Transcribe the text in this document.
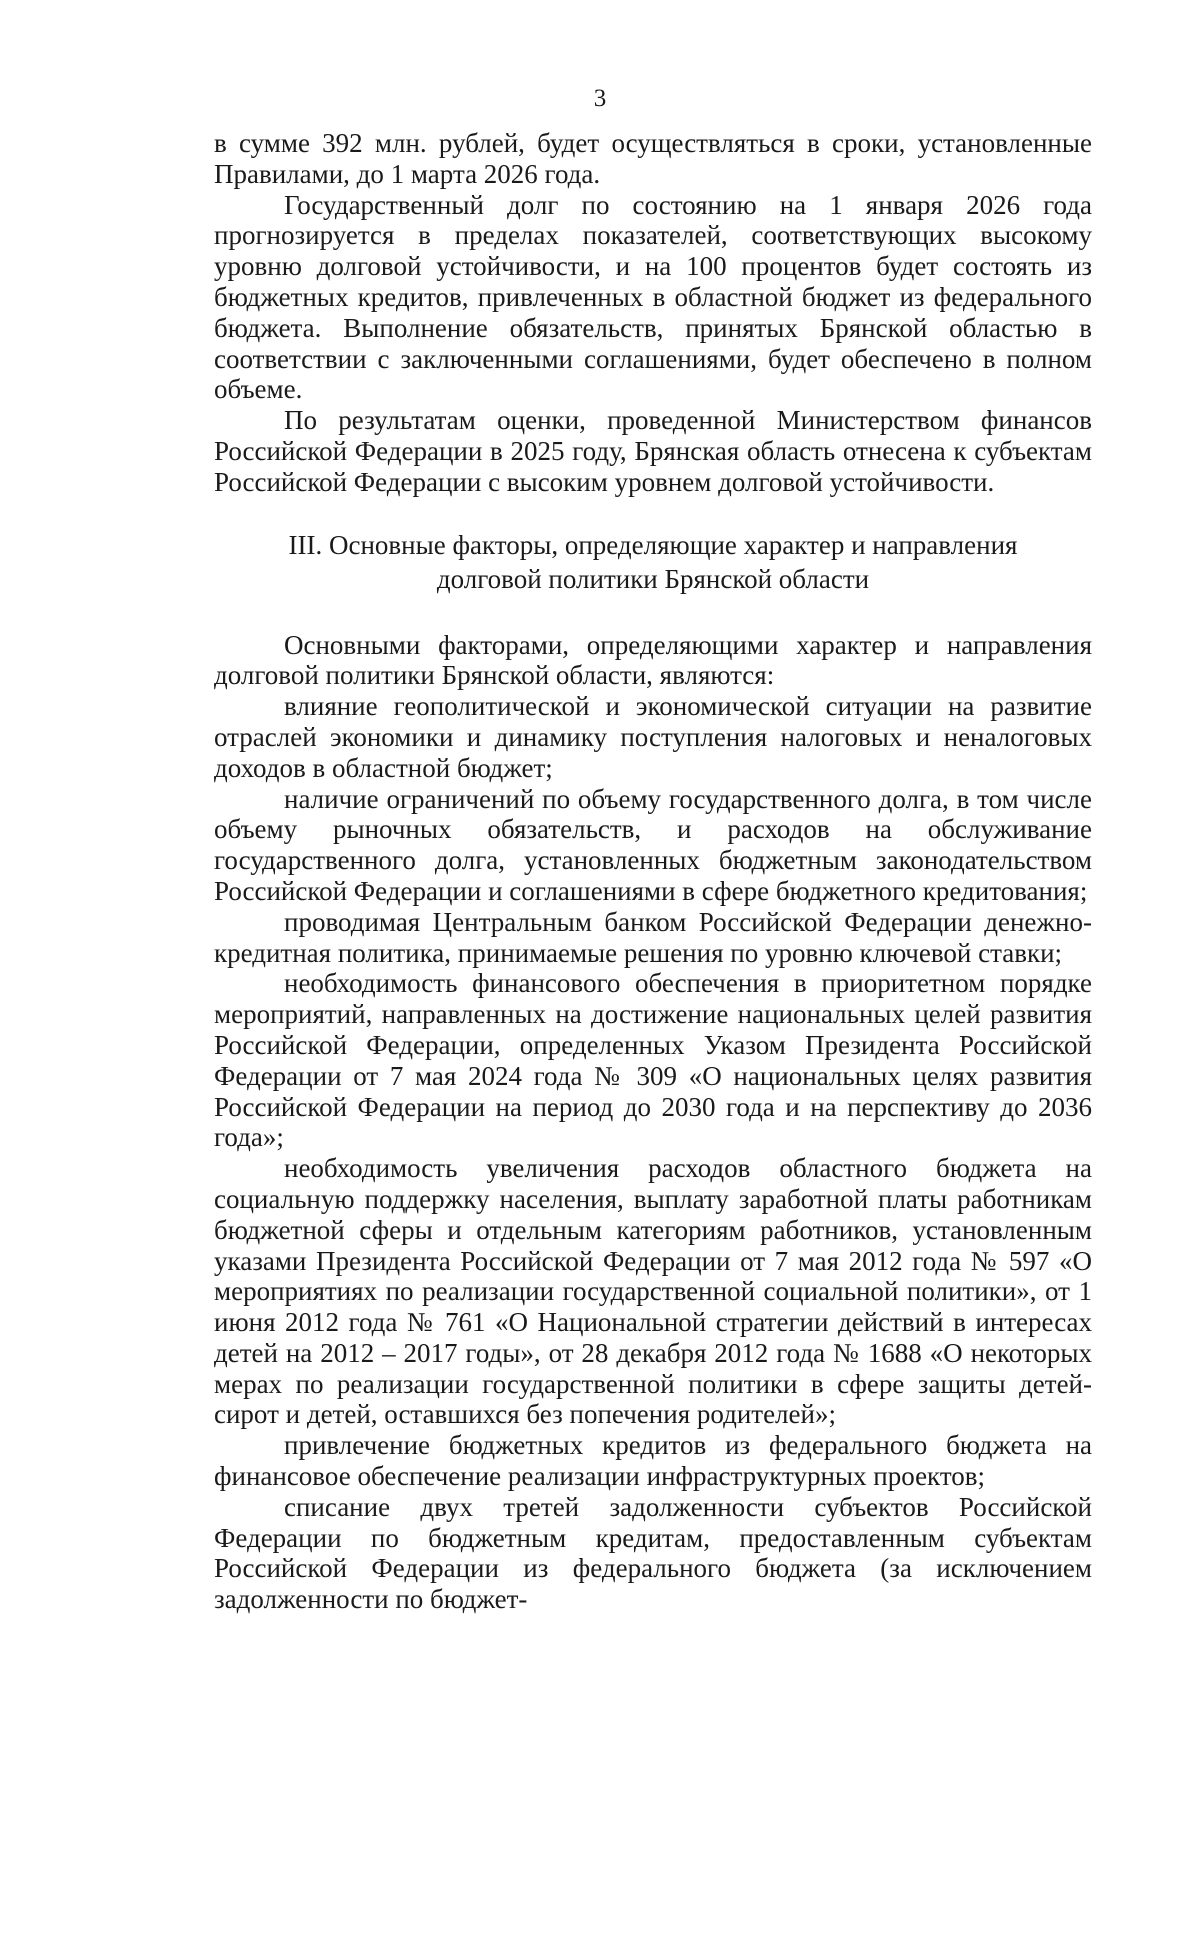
3

в сумме 392 млн. рублей, будет осуществляться в сроки, установленные Правилами, до 1 марта 2026 года.

Государственный долг по состоянию на 1 января 2026 года прогнозируется в пределах показателей, соответствующих высокому уровню долговой устойчивости, и на 100 процентов будет состоять из бюджетных кредитов, привлеченных в областной бюджет из федерального бюджета. Выполнение обязательств, принятых Брянской областью в соответствии с заключенными соглашениями, будет обеспечено в полном объеме.

По результатам оценки, проведенной Министерством финансов Российской Федерации в 2025 году, Брянская область отнесена к субъектам Российской Федерации с высоким уровнем долговой устойчивости.

III. Основные факторы, определяющие характер и направления
долговой политики Брянской области

Основными факторами, определяющими характер и направления долговой политики Брянской области, являются:

влияние геополитической и экономической ситуации на развитие отраслей экономики и динамику поступления налоговых и неналоговых доходов в областной бюджет;

наличие ограничений по объему государственного долга, в том числе объему рыночных обязательств, и расходов на обслуживание государственного долга, установленных бюджетным законодательством Российской Федерации и соглашениями в сфере бюджетного кредитования;

проводимая Центральным банком Российской Федерации денежно-кредитная политика, принимаемые решения по уровню ключевой ставки;

необходимость финансового обеспечения в приоритетном порядке мероприятий, направленных на достижение национальных целей развития Российской Федерации, определенных Указом Президента Российской Федерации от 7 мая 2024 года № 309 «О национальных целях развития Российской Федерации на период до 2030 года и на перспективу до 2036 года»;

необходимость увеличения расходов областного бюджета на социальную поддержку населения, выплату заработной платы работникам бюджетной сферы и отдельным категориям работников, установленным указами Президента Российской Федерации от 7 мая 2012 года № 597 «О мероприятиях по реализации государственной социальной политики», от 1 июня 2012 года № 761 «О Национальной стратегии действий в интересах детей на 2012 – 2017 годы», от 28 декабря 2012 года № 1688 «О некоторых мерах по реализации государственной политики в сфере защиты детей-сирот и детей, оставшихся без попечения родителей»;

привлечение бюджетных кредитов из федерального бюджета на финансовое обеспечение реализации инфраструктурных проектов;

списание двух третей задолженности субъектов Российской Федерации по бюджетным кредитам, предоставленным субъектам Российской Федерации из федерального бюджета (за исключением задолженности по бюджет-
